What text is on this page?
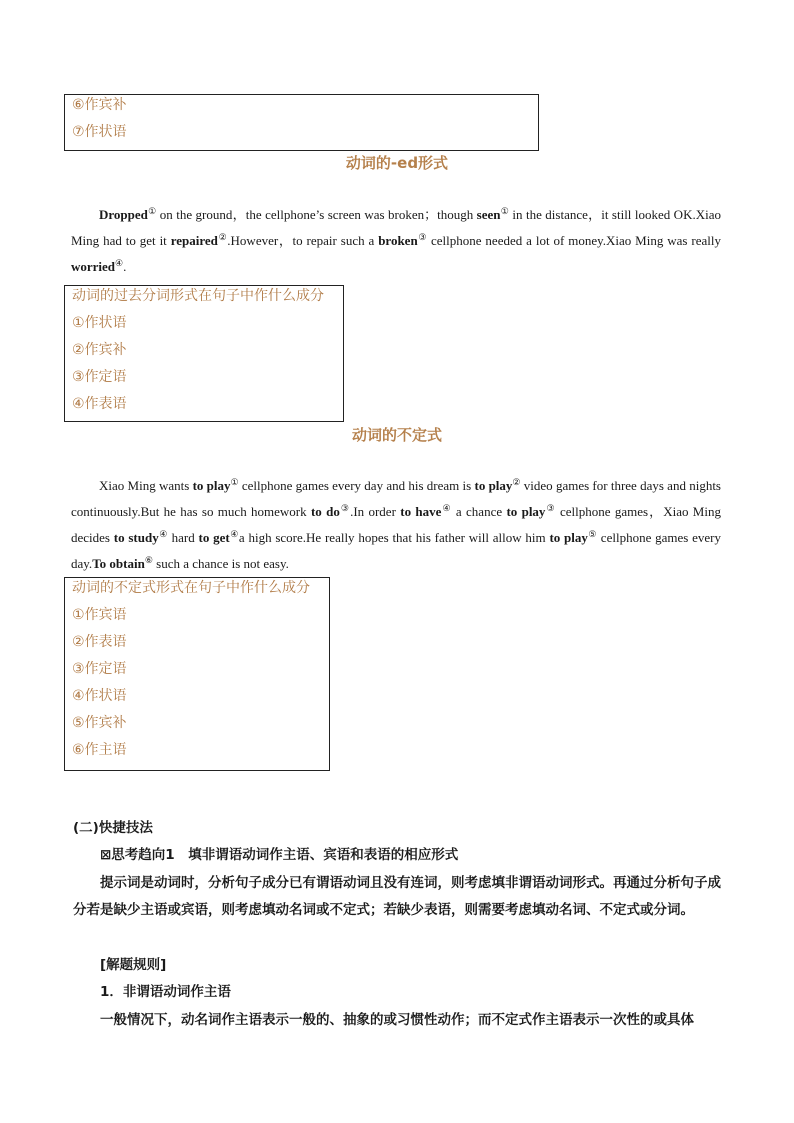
⑥作宾补
⑦作状语
动词的-ed形式
Dropped① on the ground，the cellphone’s screen was broken；though seen① in the distance，it still looked OK.Xiao Ming had to get it repaired②.However，to repair such a broken③ cellphone needed a lot of money.Xiao Ming was really worried④.
动词的过去分词形式在句子中作什么成分
①作状语
②作宾补
③作定语
④作表语
动词的不定式
Xiao Ming wants to play① cellphone games every day and his dream is to play② video games for three days and nights continuously.But he has so much homework to do③.In order to have④ a chance to play③ cellphone games，Xiao Ming decides to study④ hard to get④a high score.He really hopes that his father will allow him to play⑤ cellphone games every day.To obtain⑥ such a chance is not easy.
动词的不定式形式在句子中作什么成分
①作宾语
②作表语
③作定语
④作状语
⑤作宾补
⑥作主语
(二)快捷技法
⊠思考趋向1　填非谓语动词作主语、宾语和表语的相应形式
提示词是动词时，分析句子成分已有谓语动词且没有连词，则考虑填非谓语动词形式。再通过分析句子成分若是缺少主语或宾语，则考虑填动名词或不定式；若缺少表语，则需要考虑填动名词、不定式或分词。
[解题规则]
1．非谓语动词作主语
一般情况下，动名词作主语表示一般的、抽象的或习惯性动作；而不定式作主语表示一次性的或具体
